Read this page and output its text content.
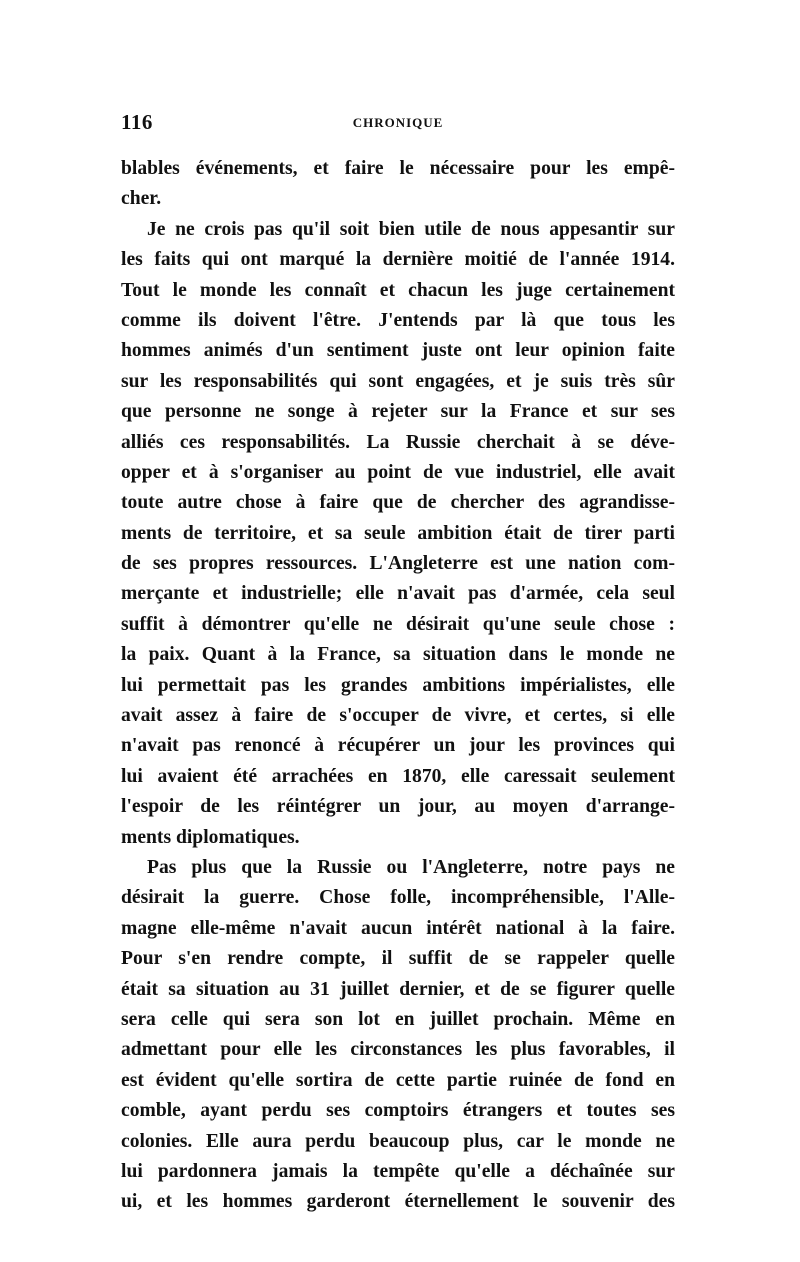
116	CHRONIQUE
blables événements, et faire le nécessaire pour les empê-
cher.
Je ne crois pas qu'il soit bien utile de nous appesantir sur
les faits qui ont marqué la dernière moitié de l'année 1914.
Tout le monde les connaît et chacun les juge certainement
comme ils doivent l'être. J'entends par là que tous les
hommes animés d'un sentiment juste ont leur opinion faite
sur les responsabilités qui sont engagées, et je suis très sûr
que personne ne songe à rejeter sur la France et sur ses
alliés ces responsabilités. La Russie cherchait à se déve-
opper et à s'organiser au point de vue industriel, elle avait
toute autre chose à faire que de chercher des agrandisse-
ments de territoire, et sa seule ambition était de tirer parti
de ses propres ressources. L'Angleterre est une nation com-
merçante et industrielle; elle n'avait pas d'armée, cela seul
suffit à démontrer qu'elle ne désirait qu'une seule chose :
la paix. Quant à la France, sa situation dans le monde ne
lui permettait pas les grandes ambitions impérialistes, elle
avait assez à faire de s'occuper de vivre, et certes, si elle
n'avait pas renoncé à récupérer un jour les provinces qui
lui avaient été arrachées en 1870, elle caressait seulement
l'espoir de les réintégrer un jour, au moyen d'arrange-
ments diplomatiques.
Pas plus que la Russie ou l'Angleterre, notre pays ne
désirait la guerre. Chose folle, incompréhensible, l'Alle-
magne elle-même n'avait aucun intérêt national à la faire.
Pour s'en rendre compte, il suffit de se rappeler quelle
était sa situation au 31 juillet dernier, et de se figurer quelle
sera celle qui sera son lot en juillet prochain. Même en
admettant pour elle les circonstances les plus favorables, il
est évident qu'elle sortira de cette partie ruinée de fond en
comble, ayant perdu ses comptoirs étrangers et toutes ses
colonies. Elle aura perdu beaucoup plus, car le monde ne
lui pardonnera jamais la tempête qu'elle a déchaînée sur
ui, et les hommes garderont éternellement le souvenir des
